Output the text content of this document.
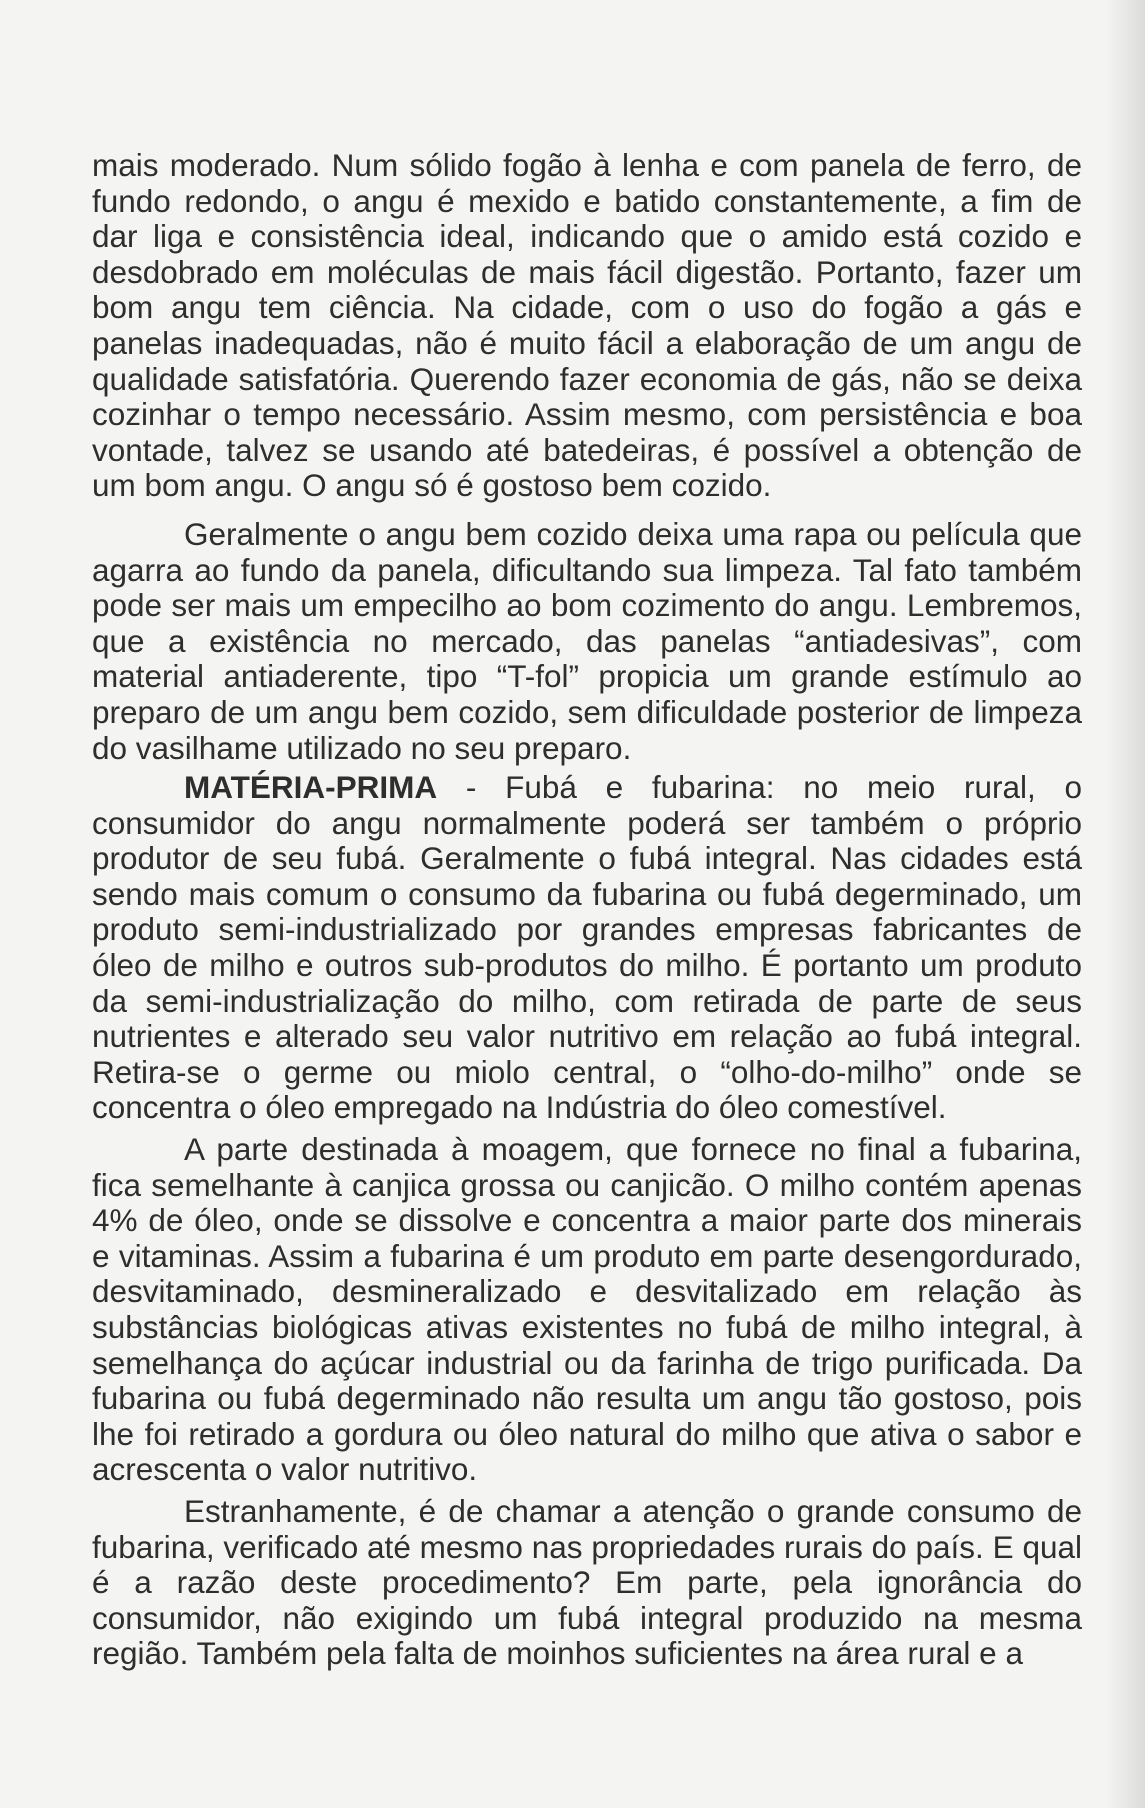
mais moderado. Num sólido fogão à lenha e com panela de ferro, de fundo redondo, o angu é mexido e batido constantemente, a fim de dar liga e consistência ideal, indicando que o amido está cozido e desdobrado em moléculas de mais fácil digestão. Portanto, fazer um bom angu tem ciência. Na cidade, com o uso do fogão a gás e panelas inadequadas, não é muito fácil a elaboração de um angu de qualidade satisfatória. Querendo fazer economia de gás, não se deixa cozinhar o tempo necessário. Assim mesmo, com persistência e boa vontade, talvez se usando até batedeiras, é possível a obtenção de um bom angu. O angu só é gostoso bem cozido.

Geralmente o angu bem cozido deixa uma rapa ou película que agarra ao fundo da panela, dificultando sua limpeza. Tal fato também pode ser mais um empecilho ao bom cozimento do angu. Lembremos, que a existência no mercado, das panelas “antiadesivas”, com material antiaderente, tipo “T-fol” propicia um grande estímulo ao preparo de um angu bem cozido, sem dificuldade posterior de limpeza do vasilhame utilizado no seu preparo.

MATÉRIA-PRIMA - Fubá e fubarina: no meio rural, o consumidor do angu normalmente poderá ser também o próprio produtor de seu fubá. Geralmente o fubá integral. Nas cidades está sendo mais comum o consumo da fubarina ou fubá degerminado, um produto semi-industrializado por grandes empresas fabricantes de óleo de milho e outros sub-produtos do milho. É portanto um produto da semi-industrialização do milho, com retirada de parte de seus nutrientes e alterado seu valor nutritivo em relação ao fubá integral. Retira-se o germe ou miolo central, o “olho-do-milho” onde se concentra o óleo empregado na Indústria do óleo comestível.

A parte destinada à moagem, que fornece no final a fubarina, fica semelhante à canjica grossa ou canjicão. O milho contém apenas 4% de óleo, onde se dissolve e concentra a maior parte dos minerais e vitaminas. Assim a fubarina é um produto em parte desengordurado, desvitaminado, desmineralizado e desvitalizado em relação às substâncias biológicas ativas existentes no fubá de milho integral, à semelhança do açúcar industrial ou da farinha de trigo purificada. Da fubarina ou fubá degerminado não resulta um angu tão gostoso, pois lhe foi retirado a gordura ou óleo natural do milho que ativa o sabor e acrescenta o valor nutritivo.

Estranhamente, é de chamar a atenção o grande consumo de fubarina, verificado até mesmo nas propriedades rurais do país. E qual é a razão deste procedimento? Em parte, pela ignorância do consumidor, não exigindo um fubá integral produzido na mesma região. Também pela falta de moinhos suficientes na área rural e a
